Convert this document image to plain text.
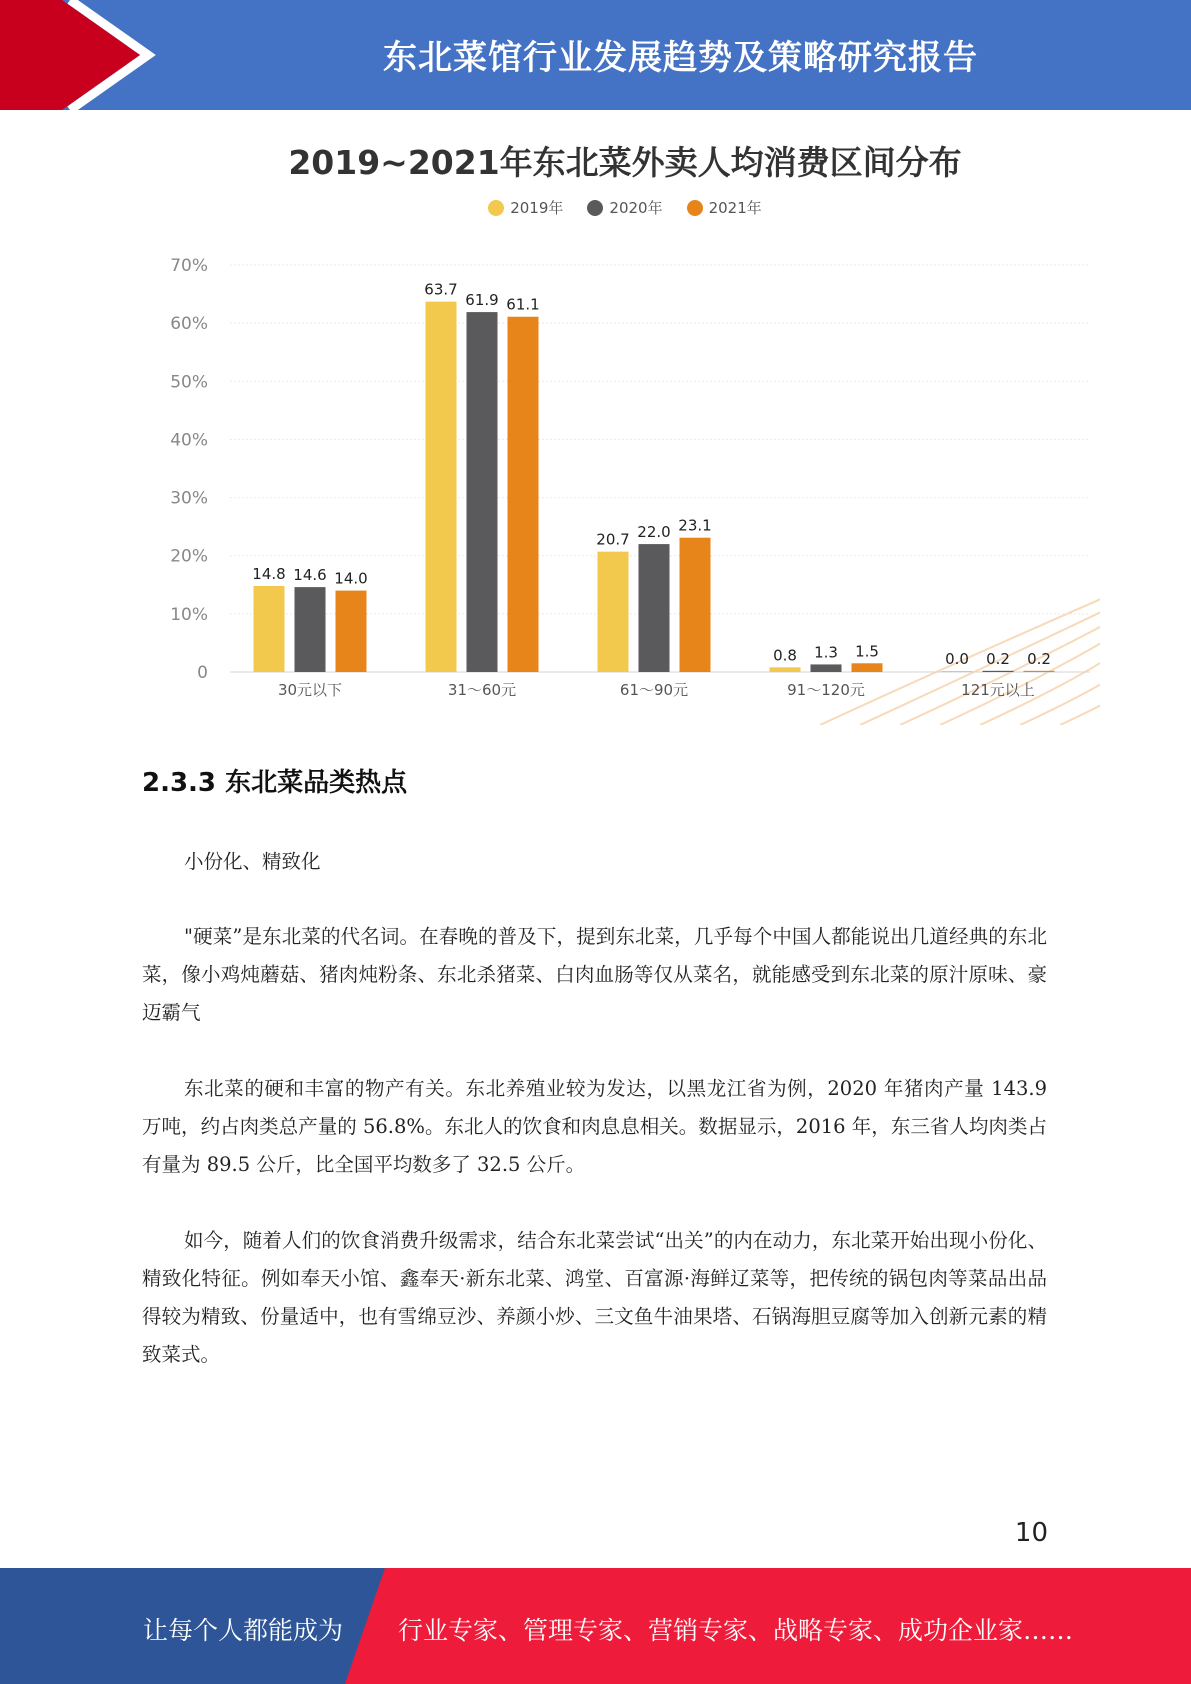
东北菜馆行业发展趋势及策略研究报告
0
10%
20%
30%
40%
50%
60%
70%
14.8 14.6 14.0
30元以下
63.7
61.9 61.1
31～60元
20.7 22.0 23.1
61～90元
0.8 1.3 1.5
91～120元
0.0 0.2 0.2
121元以上
2019~2021年东北菜外卖人均消费区间分布
2019年	2020年	2021年
2.3.3 东北菜品类热点
小份化、精致化
"硬菜”是东北菜的代名词。在春晚的普及下，提到东北菜，几乎每个中国人都能说出几道经典的东北菜，像小鸡炖蘑菇、猪肉炖粉条、东北杀猪菜、白肉血肠等仅从菜名，就能感受到东北菜的原汁原味、豪迈霸气
东北菜的硬和丰富的物产有关。东北养殖业较为发达，以黑龙江省为例，2020 年猪肉产量 143.9 万吨，约占肉类总产量的 56.8%。东北人的饮食和肉息息相关。数据显示，2016 年，东三省人均肉类占有量为 89.5 公斤，比全国平均数多了 32.5 公斤。
如今，随着人们的饮食消费升级需求，结合东北菜尝试“出关”的内在动力，东北菜开始出现小份化、精致化特征。例如奉天小馆、鑫奉天·新东北菜、鸿堂、百富源·海鲜辽菜等，把传统的锅包肉等菜品出品得较为精致、份量适中，也有雪绵豆沙、养颜小炒、三文鱼牛油果塔、石锅海胆豆腐等加入创新元素的精致菜式。
10
让每个人都能成为 行业专家、管理专家、营销专家、战略专家、成功企业家……
